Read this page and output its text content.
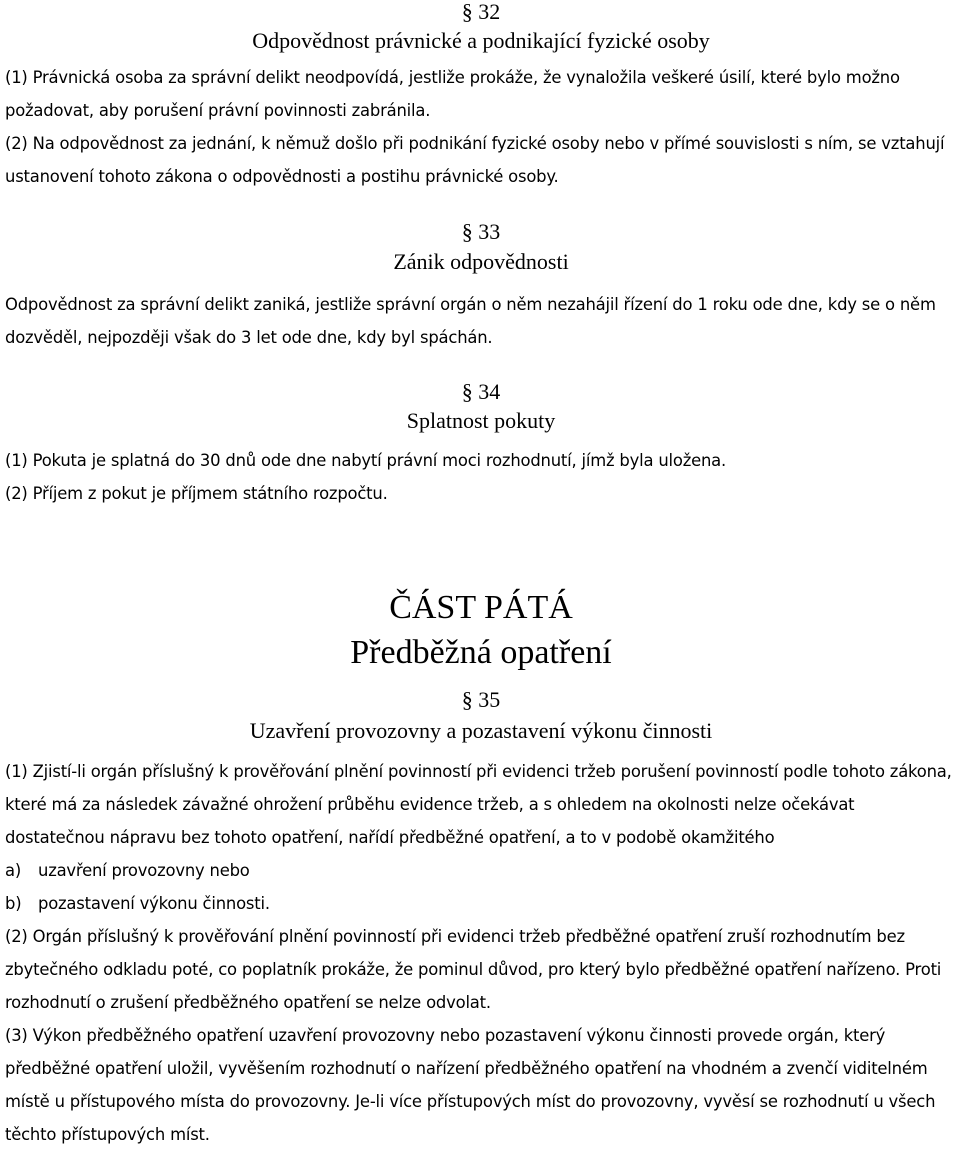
§ 32
Odpovědnost právnické a podnikající fyzické osoby

(1) Právnická osoba za správní delikt neodpovídá, jestliže prokáže, že vynaložila veškeré úsilí, které bylo možno požadovat, aby porušení právní povinnosti zabránila.

(2) Na odpovědnost za jednání, k němuž došlo při podnikání fyzické osoby nebo v přímé souvislosti s ním, se vztahují ustanovení tohoto zákona o odpovědnosti a postihu právnické osoby.

§ 33
Zánik odpovědnosti

Odpovědnost za správní delikt zaniká, jestliže správní orgán o něm nezahájil řízení do 1 roku ode dne, kdy se o něm dozvěděl, nejpozději však do 3 let ode dne, kdy byl spáchán.

§ 34
Splatnost pokuty

(1) Pokuta je splatná do 30 dnů ode dne nabytí právní moci rozhodnutí, jímž byla uložena.

(2) Příjem z pokut je příjmem státního rozpočtu.

ČÁST PÁTÁ
Předběžná opatření
§ 35
Uzavření provozovny a pozastavení výkonu činnosti

(1) Zjistí-li orgán příslušný k prověřování plnění povinností při evidenci tržeb porušení povinností podle tohoto zákona, které má za následek závažné ohrožení průběhu evidence tržeb, a s ohledem na okolnosti nelze očekávat dostatečnou nápravu bez tohoto opatření, nařídí předběžné opatření, a to v podobě okamžitého

a) uzavření provozovny nebo

b) pozastavení výkonu činnosti.

(2) Orgán příslušný k prověřování plnění povinností při evidenci tržeb předběžné opatření zruší rozhodnutím bez zbytečného odkladu poté, co poplatník prokáže, že pominul důvod, pro který bylo předběžné opatření nařízeno. Proti rozhodnutí o zrušení předběžného opatření se nelze odvolat.

(3) Výkon předběžného opatření uzavření provozovny nebo pozastavení výkonu činnosti provede orgán, který předběžné opatření uložil, vyvěšením rozhodnutí o nařízení předběžného opatření na vhodném a zvenčí viditelném místě u přístupového místa do provozovny. Je-li více přístupových míst do provozovny, vyvěsí se rozhodnutí u všech těchto přístupových míst.
